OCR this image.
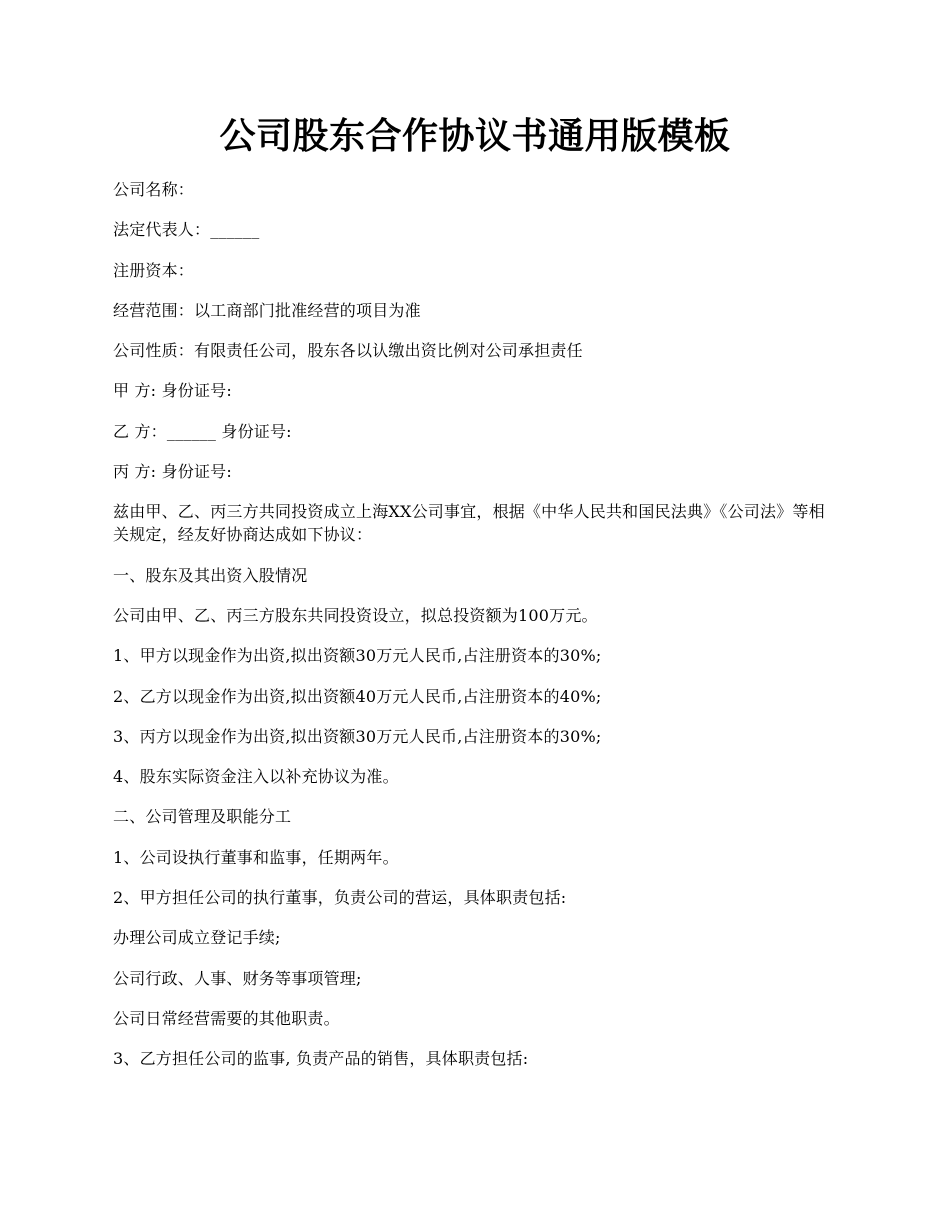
公司股东合作协议书通用版模板

公司名称：

法定代表人：______

注册资本：

经营范围：以工商部门批准经营的项目为准

公司性质：有限责任公司，股东各以认缴出资比例对公司承担责任

甲 方: 身份证号:

乙 方：______ 身份证号:

丙 方: 身份证号:

兹由甲、乙、丙三方共同投资成立上海XX公司事宜，根据《中华人民共和国民法典》《公司法》等相关规定，经友好协商达成如下协议：

一、股东及其出资入股情况

公司由甲、乙、丙三方股东共同投资设立，拟总投资额为100万元。

1、甲方以现金作为出资,拟出资额30万元人民币,占注册资本的30%;

2、乙方以现金作为出资,拟出资额40万元人民币,占注册资本的40%;

3、丙方以现金作为出资,拟出资额30万元人民币,占注册资本的30%;

4、股东实际资金注入以补充协议为准。

二、公司管理及职能分工

1、公司设执行董事和监事，任期两年。

2、甲方担任公司的执行董事，负责公司的营运，具体职责包括:

办理公司成立登记手续;

公司行政、人事、财务等事项管理;

公司日常经营需要的其他职责。

3、乙方担任公司的监事, 负责产品的销售，具体职责包括:
